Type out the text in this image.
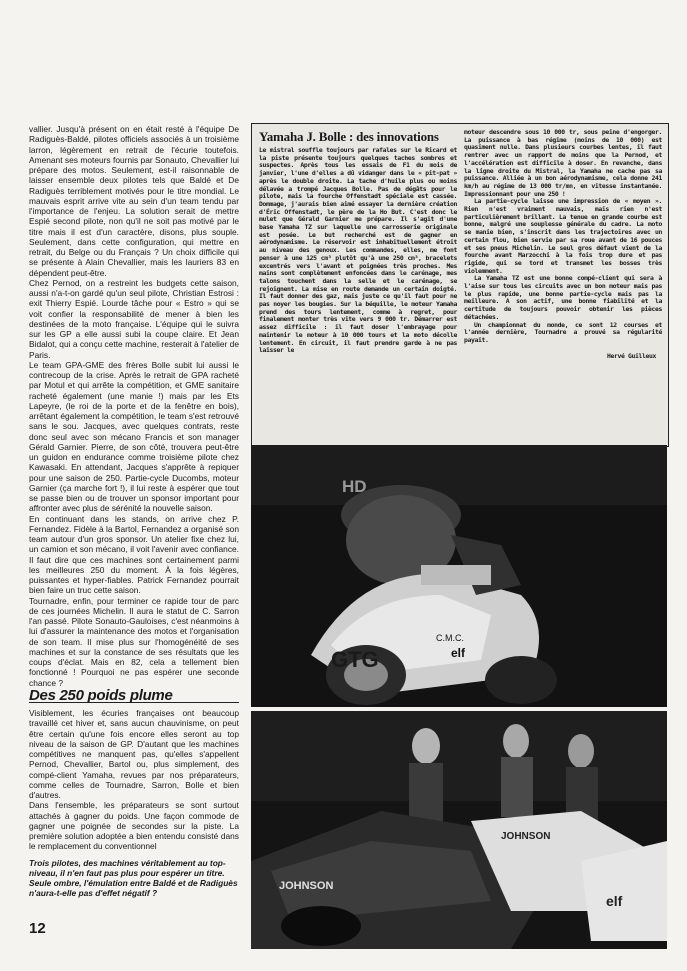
vallier. Jusqu'à présent on en était resté à l'équipe De Radiguès-Baldé, pilotes officiels associés à un troisième larron, légèrement en retrait de l'écurie toutefois. Amenant ses moteurs fournis par Sonauto, Chevallier lui prépare des motos. Seulement, est-il raisonnable de laisser ensemble deux pilotes tels que Baldé et De Radiguès terriblement motivés pour le titre mondial. Le mauvais esprit arrive vite au sein d'un team tendu par l'importance de l'enjeu. La solution serait de mettre Espié second pilote, non qu'il ne soit pas motivé par le titre mais il est d'un caractère, disons, plus souple. Seulement, dans cette configuration, qui mettre en retrait, du Belge ou du Français ? Un choix difficile qui se présente à Alain Chevallier, mais les lauriers 83 en dépendent peut-être.

Chez Pernod, on a restreint les budgets cette saison, aussi n'a-t-on gardé qu'un seul pilote, Christian Estrosi : exit Thierry Espié. Lourde tâche pour « Estro » qui se voit confier la responsabilité de mener à bien les destinées de la moto française. L'équipe qui le suivra sur les GP a elle aussi subi la coupe claire. Et Jean Bidalot, qui a conçu cette machine, resterait à l'atelier de Paris.

Le team GPA-GME des frères Bolle subit lui aussi le contrecoup de la crise. Après le retrait de GPA racheté par Motul et qui arrête la compétition, et GME sanitaire racheté également (une manie !) mais par les Ets Lapeyre, (le roi de la porte et de la fenêtre en bois), arrêtant également la compétition, le team s'est retrouvé sans le sou. Jacques, avec quelques contrats, reste donc seul avec son mécano Francis et son manager Gérald Garnier. Pierre, de son côté, trouvera peut-être un guidon en endurance comme troisième pilote chez Kawasaki. En attendant, Jacques s'apprête à repiquer pour une saison de 250. Partie-cycle Ducombs, moteur Garnier (ça marche fort !), il lui reste à espérer que tout se passe bien ou de trouver un sponsor important pour affronter avec plus de sérénité la nouvelle saison.

En continuant dans les stands, on arrive chez P. Fernandez. Fidèle à la Bartol, Fernandez a organisé son team autour d'un gros sponsor. Un atelier fixe chez lui, un camion et son mécano, il voit l'avenir avec confiance. Il faut dire que ces machines sont certainement parmi les meilleures 250 du moment. À la fois légères, puissantes et hyper-fiables. Patrick Fernandez pourrait bien faire un truc cette saison.

Tournadre, enfin, pour terminer ce rapide tour de parc de ces journées Michelin. Il aura le statut de C. Sarron l'an passé. Pilote Sonauto-Gauloises, c'est néanmoins à lui d'assurer la maintenance des motos et l'organisation de son team. Il mise plus sur l'homogénéité de ses machines et sur la constance de ses résultats que les coups d'éclat. Mais en 82, cela a tellement bien fonctionné ! Pourquoi ne pas espérer une seconde chance ?

Des 250 poids plume

Visiblement, les écuries françaises ont beaucoup travaillé cet hiver et, sans aucun chauvinisme, on peut être certain qu'une fois encore elles seront au top niveau de la saison de GP. D'autant que les machines compétitives ne manquent pas, qu'elles s'appellent Pernod, Chevallier, Bartol ou, plus simplement, des compé-client Yamaha, revues par nos préparateurs, comme celles de Tournadre, Sarron, Bolle et bien d'autres.

Dans l'ensemble, les préparateurs se sont surtout attachés à gagner du poids. Une façon commode de gagner une poignée de secondes sur la piste. La première solution adoptée a bien entendu consisté dans le remplacement du conventionnel

Trois pilotes, des machines véritablement au top-niveau, il n'en faut pas plus pour espérer un titre. Seule ombre, l'émulation entre Baldé et de Radiguès n'aura-t-elle pas d'effet négatif ?
12
Yamaha J. Bolle : des innovations

Le mistral souffle toujours par rafales sur le Ricard et la piste présente toujours quelques taches sombres et suspectes. Après tous les essais de F1 du mois de janvier, l'une d'elles a dû vidanger dans le « pit-pat » après le double droite. La tache d'huile plus ou moins délavée a trompé Jacques Bolle. Pas de dégâts pour le pilote, mais la fourche Offenstadt spéciale est cassée. Dommage, j'aurais bien aimé essayer la dernière création d'Éric Offenstadt, le père de la Ho But. C'est donc le mulet que Gérald Garnier me prépare. Il s'agit d'une base Yamaha TZ sur laquelle une carrosserie originale est posée. Le but recherché est de gagner en aérodynamisme. Le réservoir est inhabituellement étroit au niveau des genoux. Les commandes, elles, me font penser à une 125 cm³ plutôt qu'à une 250 cm³, bracelets excentrés vers l'avant et poignées très proches. Mes mains sont complètement enfoncées dans le carénage, mes talons touchent dans la selle et le carénage, se rejoignent. La mise en route demande un certain doigté. Il faut donner des gaz, mais juste ce qu'il faut pour ne pas noyer les bougies. Sur la béquille, le moteur Yamaha prend des tours lentement, comme à regret, pour finalement monter très vite vers 9 000 tr. Démarrer est assez difficile : il faut doser l'embrayage pour maintenir le moteur à 10 000 tours et la moto décolle lentement. En circuit, il faut prendre garde à ne pas laisser le

moteur descendre sous 10 000 tr, sous peine d'engorger. La puissance à bas régime (moins de 10 000) est quasiment nulle. Dans plusieurs courbes lentes, il faut rentrer avec un rapport de moins que la Pernod, et l'accélération est difficile à doser. En revanche, dans la ligne droite du Mistral, la Yamaha ne cache pas sa puissance. Alliée à un bon aérodynamisme, cela donne 241 km/h au régime de 13 000 tr/mn, en vitesse instantanée. Impressionnant pour une 250 !

La partie-cycle laisse une impression de « moyen ». Rien n'est vraiment mauvais, mais rien n'est particulièrement brillant. La tenue en grande courbe est bonne, malgré une souplesse générale du cadre. La moto se manie bien, s'inscrit dans les trajectoires avec un certain flou, bien servie par sa roue avant de 16 pouces et ses pneus Michelin. Le seul gros défaut vient de la fourche avant Marzocchi à la fois trop dure et pas rigide, qui se tord et transmet les bosses très violemment.

La Yamaha TZ est une bonne compé-client qui sera à l'aise sur tous les circuits avec un bon moteur mais pas le plus rapide, une bonne partie-cycle mais pas la meilleure. A son actif, une bonne fiabilité et la certitude de toujours pouvoir obtenir les pièces détachées.

Un championnat du monde, ce sont 12 courses et l'année dernière, Tournadre a prouvé sa régularité payait.

Hervé Guilleux
GTG
C.M.C.
elf
HD
JOHNSON
JOHNSON
elf
